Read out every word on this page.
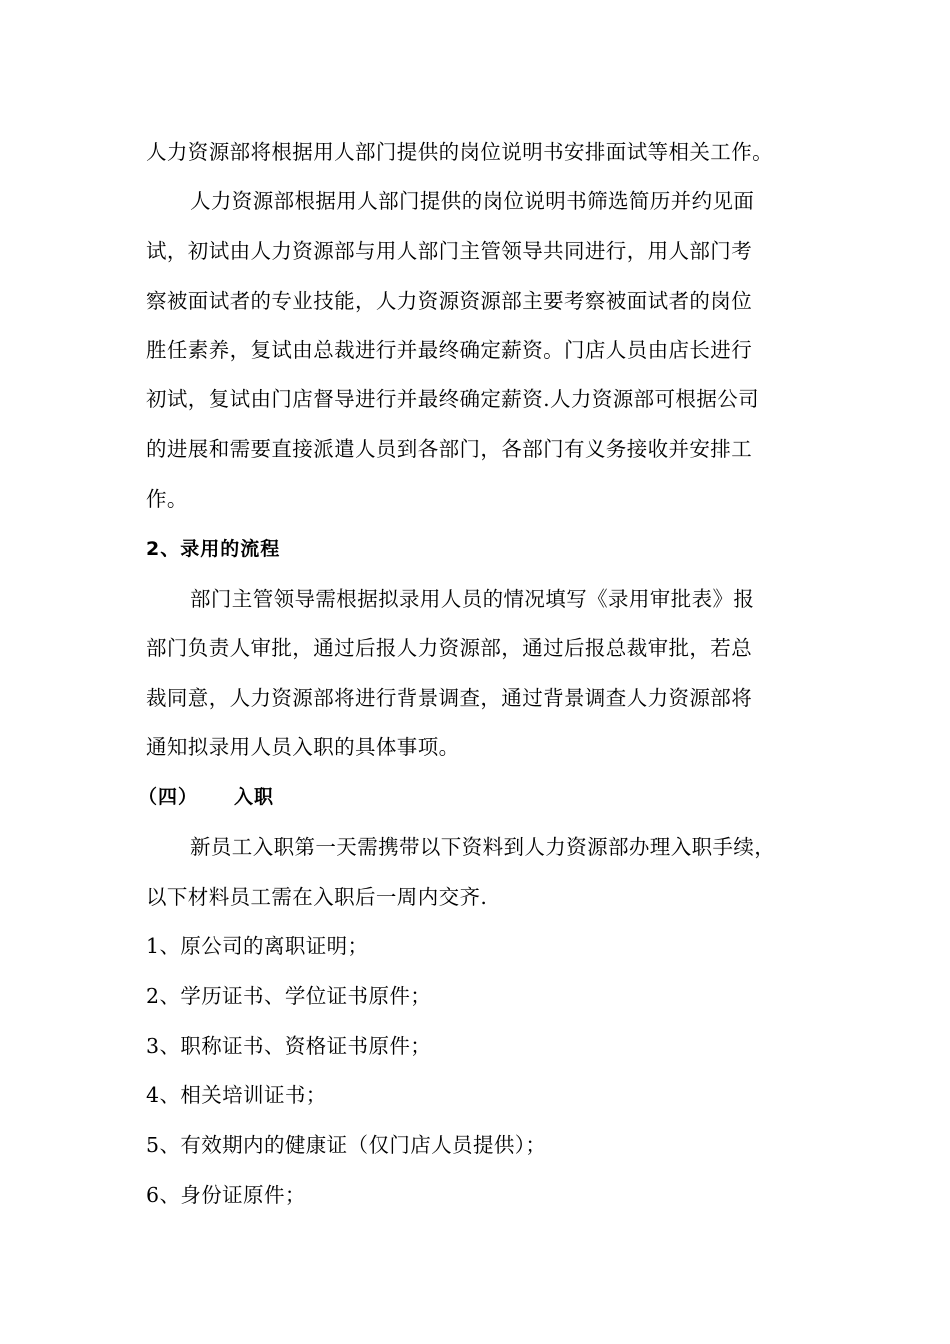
人力资源部将根据用人部门提供的岗位说明书安排面试等相关工作。
人力资源部根据用人部门提供的岗位说明书筛选简历并约见面
试，初试由人力资源部与用人部门主管领导共同进行，用人部门考
察被面试者的专业技能，人力资源资源部主要考察被面试者的岗位
胜任素养，复试由总裁进行并最终确定薪资。门店人员由店长进行
初试，复试由门店督导进行并最终确定薪资.人力资源部可根据公司
的进展和需要直接派遣人员到各部门，各部门有义务接收并安排工
作。
2、录用的流程
部门主管领导需根据拟录用人员的情况填写《录用审批表》报
部门负责人审批，通过后报人力资源部，通过后报总裁审批，若总
裁同意，人力资源部将进行背景调查，通过背景调查人力资源部将
通知拟录用人员入职的具体事项。
（四） 入职
新员工入职第一天需携带以下资料到人力资源部办理入职手续，
以下材料员工需在入职后一周内交齐.
1、原公司的离职证明；
2、学历证书、学位证书原件；
3、职称证书、资格证书原件；
4、相关培训证书；
5、有效期内的健康证（仅门店人员提供）；
6、身份证原件；
